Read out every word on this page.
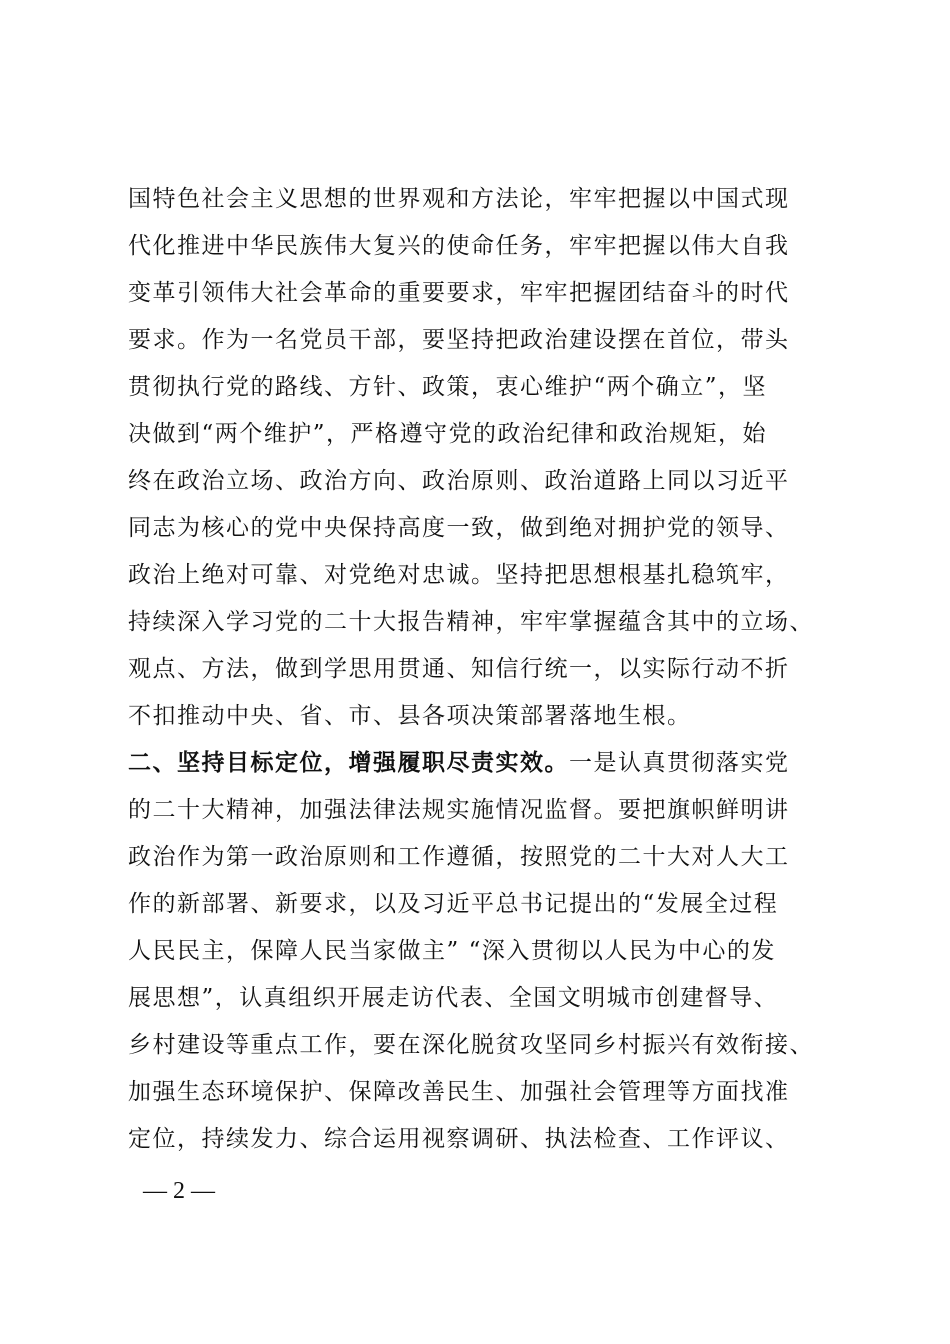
国特色社会主义思想的世界观和方法论，牢牢把握以中国式现
代化推进中华民族伟大复兴的使命任务，牢牢把握以伟大自我
变革引领伟大社会革命的重要要求，牢牢把握团结奋斗的时代
要求。作为一名党员干部，要坚持把政治建设摆在首位，带头
贯彻执行党的路线、方针、政策，衷心维护“两个确立”，坚
决做到“两个维护”，严格遵守党的政治纪律和政治规矩，始
终在政治立场、政治方向、政治原则、政治道路上同以习近平
同志为核心的党中央保持高度一致，做到绝对拥护党的领导、
政治上绝对可靠、对党绝对忠诚。坚持把思想根基扎稳筑牢，
持续深入学习党的二十大报告精神，牢牢掌握蕴含其中的立场、
观点、方法，做到学思用贯通、知信行统一，以实际行动不折
不扣推动中央、省、市、县各项决策部署落地生根。
二、坚持目标定位，增强履职尽责实效。一是认真贯彻落实党
的二十大精神，加强法律法规实施情况监督。要把旗帜鲜明讲
政治作为第一政治原则和工作遵循，按照党的二十大对人大工
作的新部署、新要求，以及习近平总书记提出的“发展全过程
人民民主，保障人民当家做主” “深入贯彻以人民为中心的发
展思想”，认真组织开展走访代表、全国文明城市创建督导、
乡村建设等重点工作，要在深化脱贫攻坚同乡村振兴有效衔接、
加强生态环境保护、保障改善民生、加强社会管理等方面找准
定位，持续发力、综合运用视察调研、执法检查、工作评议、
— 2 —
